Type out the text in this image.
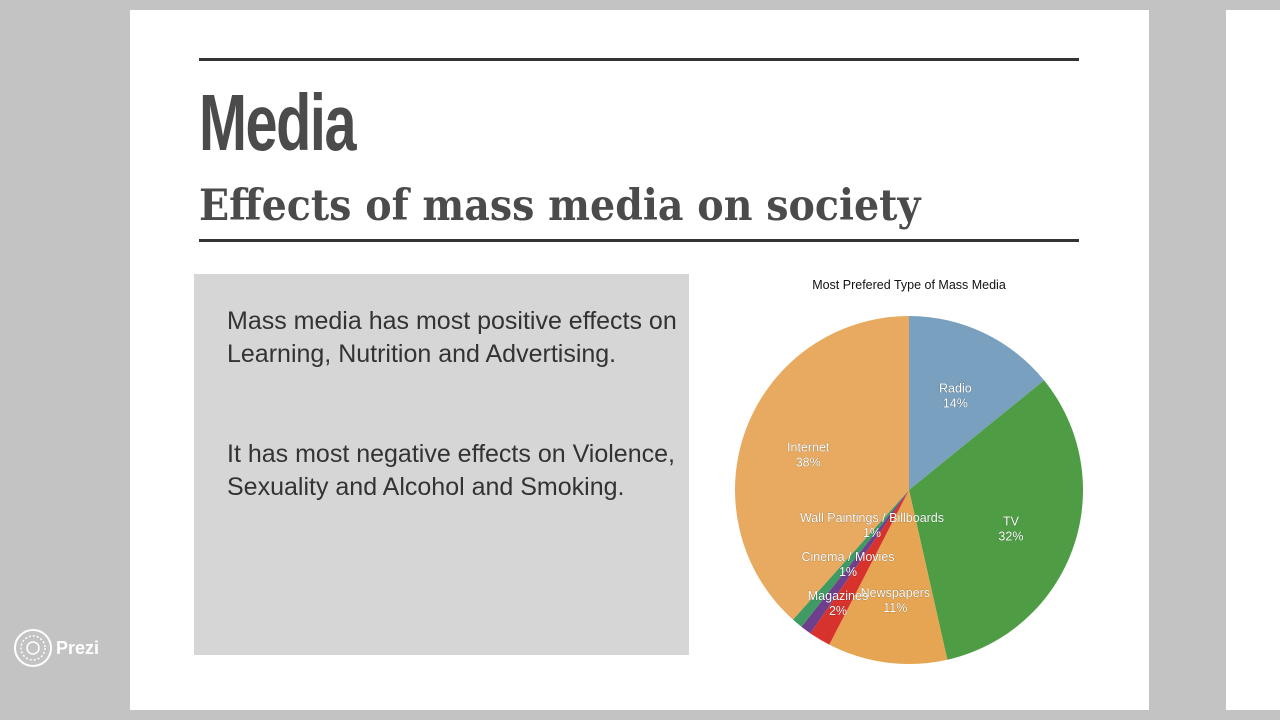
Media
Effects of mass media on society

Mass media has most positive effects on Learning, Nutrition and Advertising.

It has most negative effects on Violence, Sexuality and Alcohol and Smoking.

Most Prefered Type of Mass Media
Radio 14%
TV 32%
Newspapers 11%
Magazines 2%
Cinema / Movies 1%
Wall Paintings / Billboards 1%
Internet 38%
Prezi
